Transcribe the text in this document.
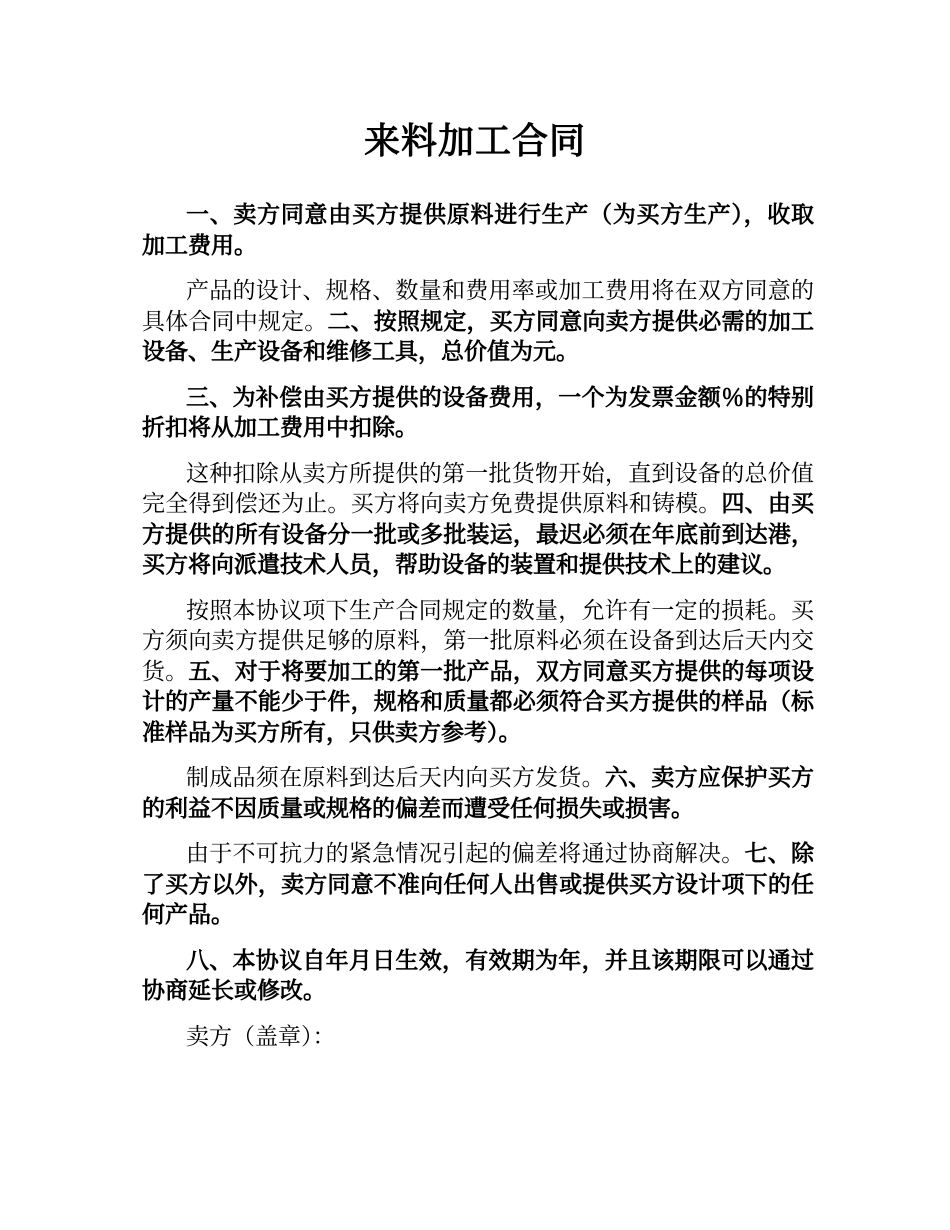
来料加工合同

一、卖方同意由买方提供原料进行生产（为买方生产），收取加工费用。

产品的设计、规格、数量和费用率或加工费用将在双方同意的具体合同中规定。二、按照规定，买方同意向卖方提供必需的加工设备、生产设备和维修工具，总价值为元。

三、为补偿由买方提供的设备费用，一个为发票金额％的特别折扣将从加工费用中扣除。

这种扣除从卖方所提供的第一批货物开始，直到设备的总价值完全得到偿还为止。买方将向卖方免费提供原料和铸模。四、由买方提供的所有设备分一批或多批装运，最迟必须在年底前到达港，买方将向派遣技术人员，帮助设备的装置和提供技术上的建议。

按照本协议项下生产合同规定的数量，允许有一定的损耗。买方须向卖方提供足够的原料，第一批原料必须在设备到达后天内交货。五、对于将要加工的第一批产品，双方同意买方提供的每项设计的产量不能少于件，规格和质量都必须符合买方提供的样品（标准样品为买方所有，只供卖方参考）。

制成品须在原料到达后天内向买方发货。六、卖方应保护买方的利益不因质量或规格的偏差而遭受任何损失或损害。

由于不可抗力的紧急情况引起的偏差将通过协商解决。七、除了买方以外，卖方同意不准向任何人出售或提供买方设计项下的任何产品。

八、本协议自年月日生效，有效期为年，并且该期限可以通过协商延长或修改。

卖方（盖章）：
